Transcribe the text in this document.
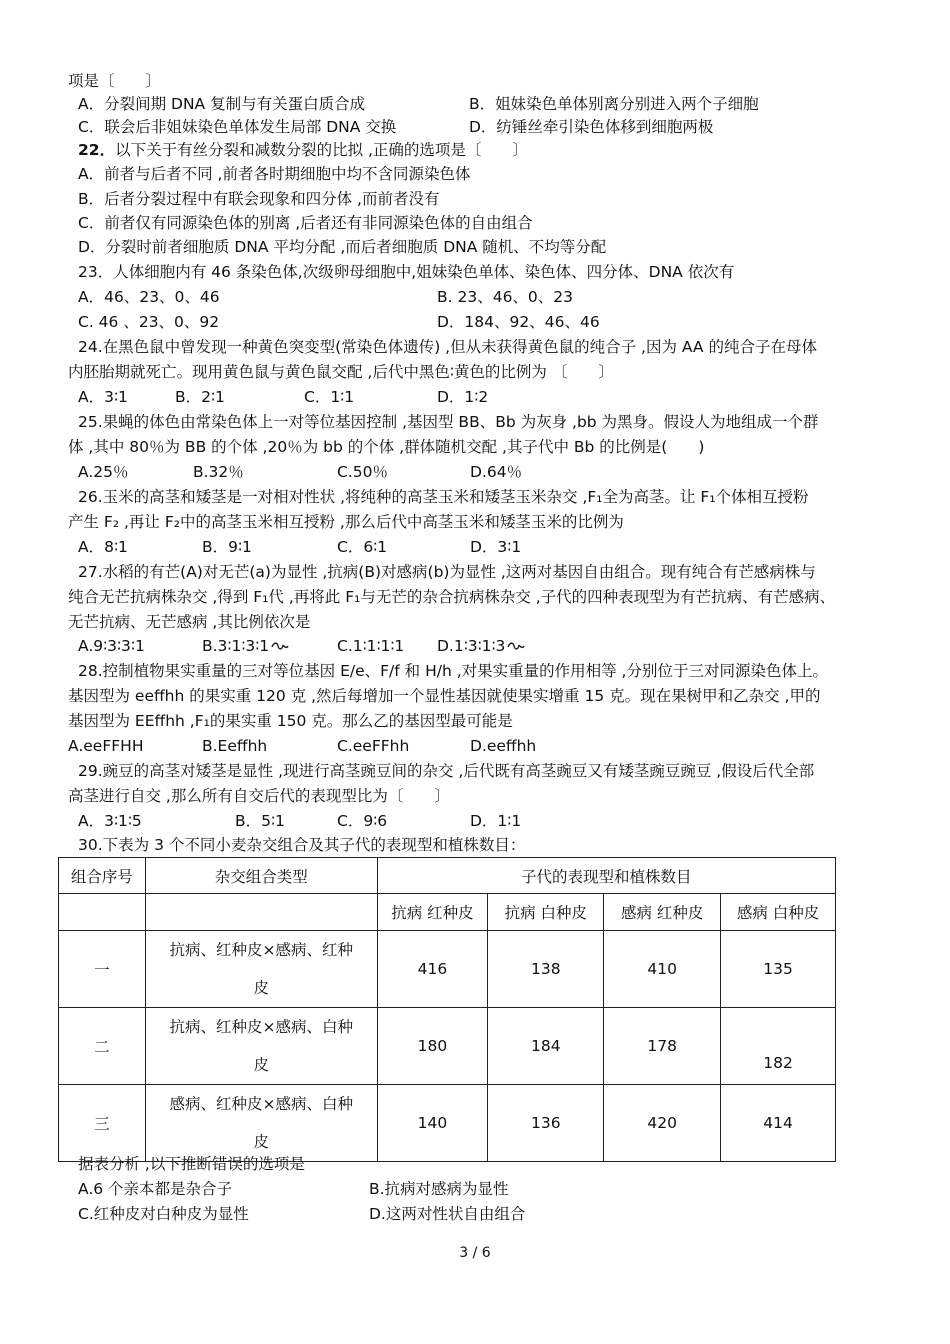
项是〔　　〕
A．分裂间期 DNA 复制与有关蛋白质合成	B．姐妹染色单体别离分别进入两个子细胞
C．联会后非姐妹染色单体发生局部 DNA 交换	D．纺锤丝牵引染色体移到细胞两极
22．以下关于有丝分裂和减数分裂的比拟 ,正确的选项是〔　　〕
A．前者与后者不同 ,前者各时期细胞中均不含同源染色体
B．后者分裂过程中有联会现象和四分体 ,而前者没有
C．前者仅有同源染色体的别离 ,后者还有非同源染色体的自由组合
D．分裂时前者细胞质 DNA 平均分配 ,而后者细胞质 DNA 随机、不均等分配
23．人体细胞内有 46 条染色体,次级卵母细胞中,姐妹染色单体、染色体、四分体、DNA 依次有
A．46、23、0、46	B. 23、46、0、23
C. 46 、23、0、92	D．184、92、46、46
24.在黑色鼠中曾发现一种黄色突变型(常染色体遗传) ,但从未获得黄色鼠的纯合子 ,因为 AA 的纯合子在母体
内胚胎期就死亡。现用黄色鼠与黄色鼠交配 ,后代中黑色∶黄色的比例为 〔　　〕
A．3∶1	B．2∶1	C．1∶1	D．1∶2
25.果蝇的体色由常染色体上一对等位基因控制 ,基因型 BB、Bb 为灰身 ,bb 为黑身。假设人为地组成一个群
体 ,其中 80％为 BB 的个体 ,20％为 bb 的个体 ,群体随机交配 ,其子代中 Bb 的比例是(　　)
A.25％	B.32％	C.50％	D.64％
26.玉米的高茎和矮茎是一对相对性状 ,将纯种的高茎玉米和矮茎玉米杂交 ,F₁全为高茎。让 F₁个体相互授粉
产生 F₂ ,再让 F₂中的高茎玉米相互授粉 ,那么后代中高茎玉米和矮茎玉米的比例为
A．8∶1	B．9∶1	C．6∶1	D．3∶1
27.水稻的有芒(A)对无芒(a)为显性 ,抗病(B)对感病(b)为显性 ,这两对基因自由组合。现有纯合有芒感病株与
纯合无芒抗病株杂交 ,得到 F₁代 ,再将此 F₁与无芒的杂合抗病株杂交 ,子代的四种表现型为有芒抗病、有芒感病、
无芒抗病、无芒感病 ,其比例依次是
A.9∶3∶3∶1	B.3∶1∶3∶1	C.1∶1∶1∶1 D.1∶3∶1∶3
28.控制植物果实重量的三对等位基因 E/e、F/f 和 H/h ,对果实重量的作用相等 ,分别位于三对同源染色体上。
基因型为 eeffhh 的果实重 120 克 ,然后每增加一个显性基因就使果实增重 15 克。现在果树甲和乙杂交 ,甲的
基因型为 EEffhh ,F₁的果实重 150 克。那么乙的基因型最可能是
A.eeFFHH	B.Eeffhh	C.eeFFhh	D.eeffhh
29.豌豆的高茎对矮茎是显性 ,现进行高茎豌豆间的杂交 ,后代既有高茎豌豆又有矮茎豌豆豌豆 ,假设后代全部
高茎进行自交 ,那么所有自交后代的表现型比为〔　　〕
A．3∶1∶5	B．5∶1	C．9∶6	D．1∶1
30.下表为 3 个不同小麦杂交组合及其子代的表现型和植株数目：
组合序号	杂交组合类型	子代的表现型和植株数目			
		抗病 红种皮	抗病 白种皮	感病 红种皮	感病 白种皮
一	抗病、红种皮×感病、红种
皮	416	138	410	135
二	抗病、红种皮×感病、白种
皮	180	184	178	182
三	感病、红种皮×感病、白种
皮	140	136	420	414
据表分析 ,以下推断错误的选项是
A.6 个亲本都是杂合子	B.抗病对感病为显性
C.红种皮对白种皮为显性	D.这两对性状自由组合
3 / 6
